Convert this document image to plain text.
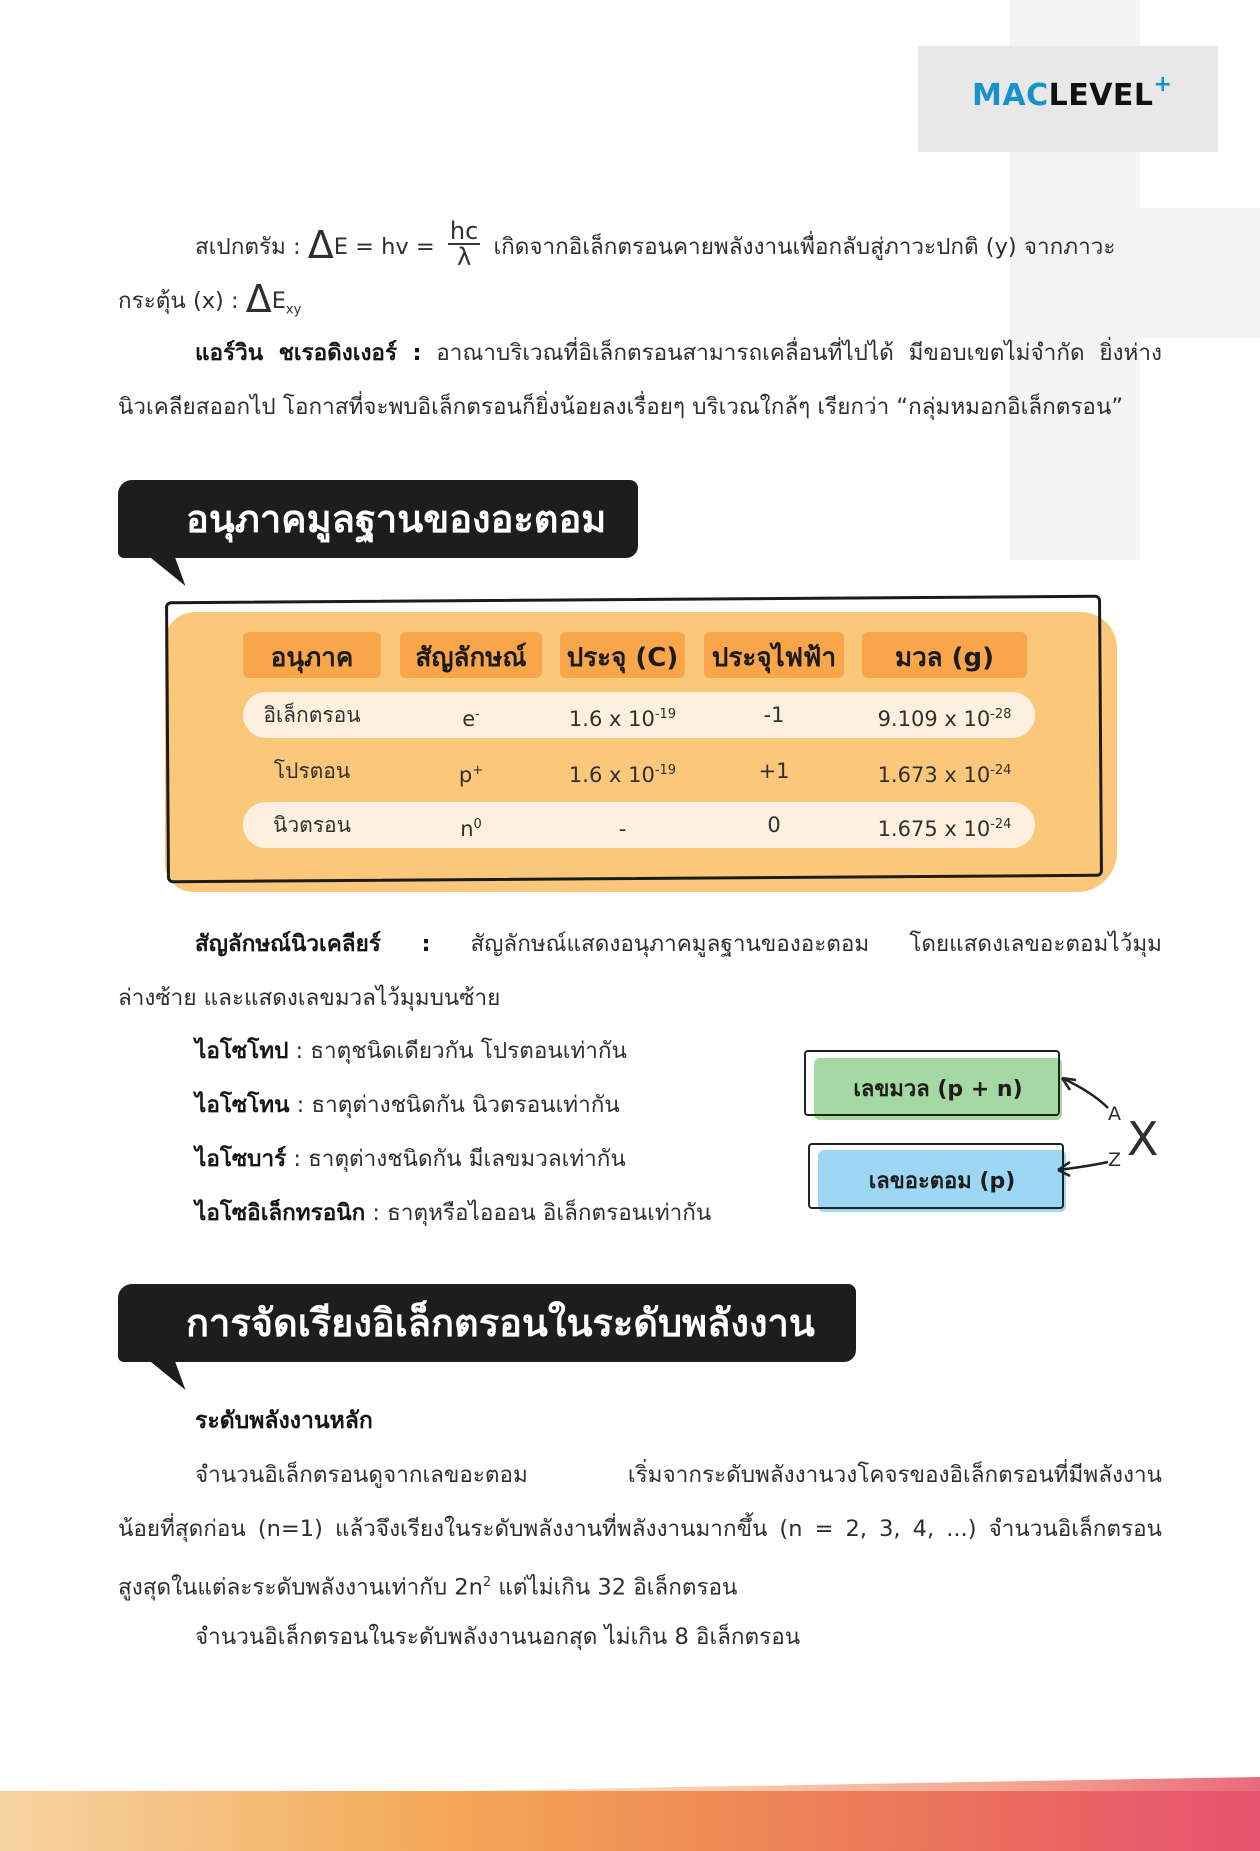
MACLEVEL+
สเปกตรัม : ΔE = hv = $\frac{hc}{\lambda}$ เกิดจากอิเล็กตรอนคายพลังงานเพื่อกลับสู่ภาวะปกติ (y) จากภาวะ
กระตุ้น (x) : $\Delta E_{xy}$
แอร์วิน ชเรอดิงเงอร์ : อาณาบริเวณที่อิเล็กตรอนสามารถเคลื่อนที่ไปได้ มีขอบเขตไม่จำกัด ยิ่งห่าง
นิวเคลียสออกไป โอกาสที่จะพบอิเล็กตรอนก็ยิ่งน้อยลงเรื่อยๆ บริเวณใกล้ๆ เรียกว่า “กลุ่มหมอกอิเล็กตรอน”
อนุภาคมูลฐานของอะตอม
อนุภาค	สัญลักษณ์	ประจุ (C)	ประจุไฟฟ้า	มวล (g)
อิเล็กตรอน	e-	1.6 x $10^{-19}$	-1	9.109 x $10^{-28}$
โปรตอน	p+	1.6 x $10^{-19}$	+1	1.673 x $10^{-24}$
นิวตรอน	$n^0$	-	0	1.675 x $10^{-24}$
สัญลักษณ์นิวเคลียร์ : สัญลักษณ์แสดงอนุภาคมูลฐานของอะตอม โดยแสดงเลขอะตอมไว้มุม
ล่างซ้าย และแสดงเลขมวลไว้มุมบนซ้าย
ไอโซโทป : ธาตุชนิดเดียวกัน โปรตอนเท่ากัน
ไอโซโทน : ธาตุต่างชนิดกัน นิวตรอนเท่ากัน
ไอโซบาร์ : ธาตุต่างชนิดกัน มีเลขมวลเท่ากัน
ไอโซอิเล็กทรอนิก : ธาตุหรือไอออน อิเล็กตรอนเท่ากัน
เลขมวล (p + n)
เลขอะตอม (p)
A
Z X
การจัดเรียงอิเล็กตรอนในระดับพลังงาน
ระดับพลังงานหลัก
จำนวนอิเล็กตรอนดูจากเลขอะตอม เริ่มจากระดับพลังงานวงโคจรของอิเล็กตรอนที่มีพลังงาน
น้อยที่สุดก่อน (n=1) แล้วจึงเรียงในระดับพลังงานที่พลังงานมากขึ้น (n = 2, 3, 4, ...) จำนวนอิเล็กตรอน
สูงสุดในแต่ละระดับพลังงานเท่ากับ $2n^2$ แต่ไม่เกิน 32 อิเล็กตรอน
จำนวนอิเล็กตรอนในระดับพลังงานนอกสุด ไม่เกิน 8 อิเล็กตรอน
